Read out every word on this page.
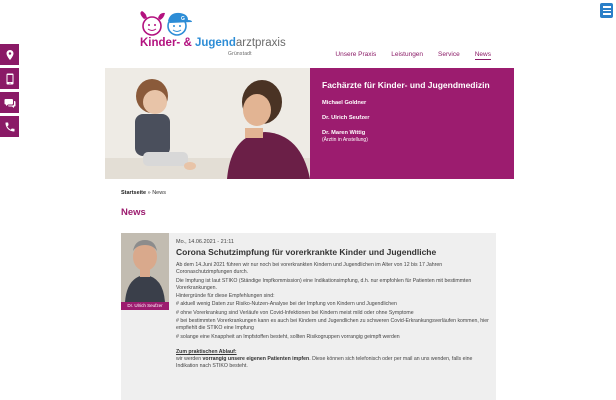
G
Kinder- & Jugendarztpraxis
Grünstadt	Unsere Praxis Leistungen Service News
Fachärzte für Kinder- und Jugendmedizin
Michael Goldner
Dr. Ulrich Seufzer
Dr. Maren Wittig
(Ärztin in Anstellung)
Startseite » News
News
Dr. Ulrich Seufzer
Mo., 14.06.2021 - 21:11
Corona Schutzimpfung für vorerkrankte Kinder und Jugendliche

Ab dem 14.Juni 2021 führen wir nur noch bei vorerkrankten Kindern und Jugendlichen im Alter von 12 bis 17 Jahren Coronaschutzimpfungen durch.

Die Impfung ist laut STIKO (Ständige Impfkommission) eine Indikationsimpfung, d.h. nur empfohlen für Patienten mit bestimmten Vorerkrankungen.

Hintergründe für diese Empfehlungen sind:

# aktuell wenig Daten zur Risiko-Nutzen-Analyse bei der Impfung von Kindern und Jugendlichen

# ohne Vorerkrankung sind Verläufe von Covid-Infektionen bei Kindern meist mild oder ohne Symptome

# bei bestimmten Vorerkrankungen kann es auch bei Kindern und Jugendlichen zu schweren Covid-Erkrankungsverläufen kommen, hier empfiehlt die STIKO eine Impfung

# solange eine Knappheit an Impfstoffen besteht, sollten Risikogruppen vorrangig geimpft werden

Zum praktischen Ablauf:

wir werden vorrangig unsere eigenen Patienten impfen. Diese können sich telefonisch oder per mail an uns wenden, falls eine Indikation nach STIKO besteht.
